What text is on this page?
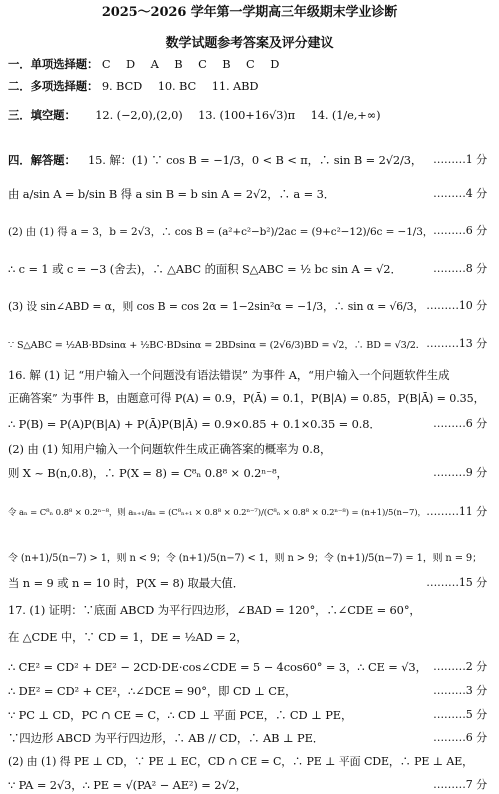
2025～2026 学年第一学期高三年级期末学业诊断
数学试题参考答案及评分建议
一．单项选择题： C D A B C B C D
二．多项选择题： 9. BCD 10. BC 11. ABD
三．填空题： 12. (−2,0),(2,0) 13. (100+16√3)π 14. (1/e,+∞)
四．解答题：	15. 解：(1) ∵ cos B = −1/3，0 < B < π，∴ sin B = 2√2/3， ………1 分
由 a/sin A = b/sin B 得 a sin B = b sin A = 2√2，∴ a = 3．	………4 分
(2) 由 (1) 得 a = 3，b = 2√3，∴ cos B = (a²+c²−b²)/2ac = (9+c²−12)/6c = −1/3， ………6 分
∴ c = 1 或 c = −3 (舍去)，∴ △ABC 的面积 S△ABC = ½ bc sin A = √2．	………8 分
(3) 设 sin∠ABD = α，则 cos B = cos 2α = 1−2sin²α = −1/3，∴ sin α = √6/3， ………10 分
∵ S△ABC = ½AB·BDsinα + ½BC·BDsinα = 2BDsinα = (2√6/3)BD = √2，∴ BD = √3/2． ………13 分
16. 解 (1) 记 “用户输入一个问题没有语法错误” 为事件 A，“用户输入一个问题软件生成
正确答案” 为事件 B，由题意可得 P(A) = 0.9，P(Ā) = 0.1，P(B|A) = 0.85，P(B|Ā) = 0.35，
∴ P(B) = P(A)P(B|A) + P(Ā)P(B|Ā) = 0.9×0.85 + 0.1×0.35 = 0.8．	………6 分
(2) 由 (1) 知用户输入一个问题软件生成正确答案的概率为 0.8，
则 X ~ B(n,0.8)，∴ P(X = 8) = C⁸ₙ 0.8⁸ × 0.2ⁿ⁻⁸，	………9 分
令 aₙ = C⁸ₙ 0.8⁸ × 0.2ⁿ⁻⁸，则 aₙ₊₁/aₙ = (C⁸ₙ₊₁ × 0.8⁸ × 0.2ⁿ⁻⁷)/(C⁸ₙ × 0.8⁸ × 0.2ⁿ⁻⁸) = (n+1)/5(n−7)， ………11 分
令 (n+1)/5(n−7) > 1，则 n < 9；令 (n+1)/5(n−7) < 1，则 n > 9；令 (n+1)/5(n−7) = 1，则 n = 9；
当 n = 9 或 n = 10 时，P(X = 8) 取最大值．	………15 分
17. (1) 证明：∵底面 ABCD 为平行四边形，∠BAD = 120°，∴∠CDE = 60°，
在 △CDE 中，∵ CD = 1，DE = ½AD = 2，
∴ CE² = CD² + DE² − 2CD·DE·cos∠CDE = 5 − 4cos60° = 3，∴ CE = √3， ………2 分
∴ DE² = CD² + CE²，∴∠DCE = 90°，即 CD ⊥ CE，	………3 分
∵ PC ⊥ CD，PC ∩ CE = C，∴ CD ⊥ 平面 PCE，∴ CD ⊥ PE，	………5 分
∵四边形 ABCD 为平行四边形，∴ AB // CD，∴ AB ⊥ PE．	………6 分
(2) 由 (1) 得 PE ⊥ CD，∵ PE ⊥ EC，CD ∩ CE = C，∴ PE ⊥ 平面 CDE，∴ PE ⊥ AE，
∵ PA = 2√3，∴ PE = √(PA² − AE²) = 2√2，	………7 分
